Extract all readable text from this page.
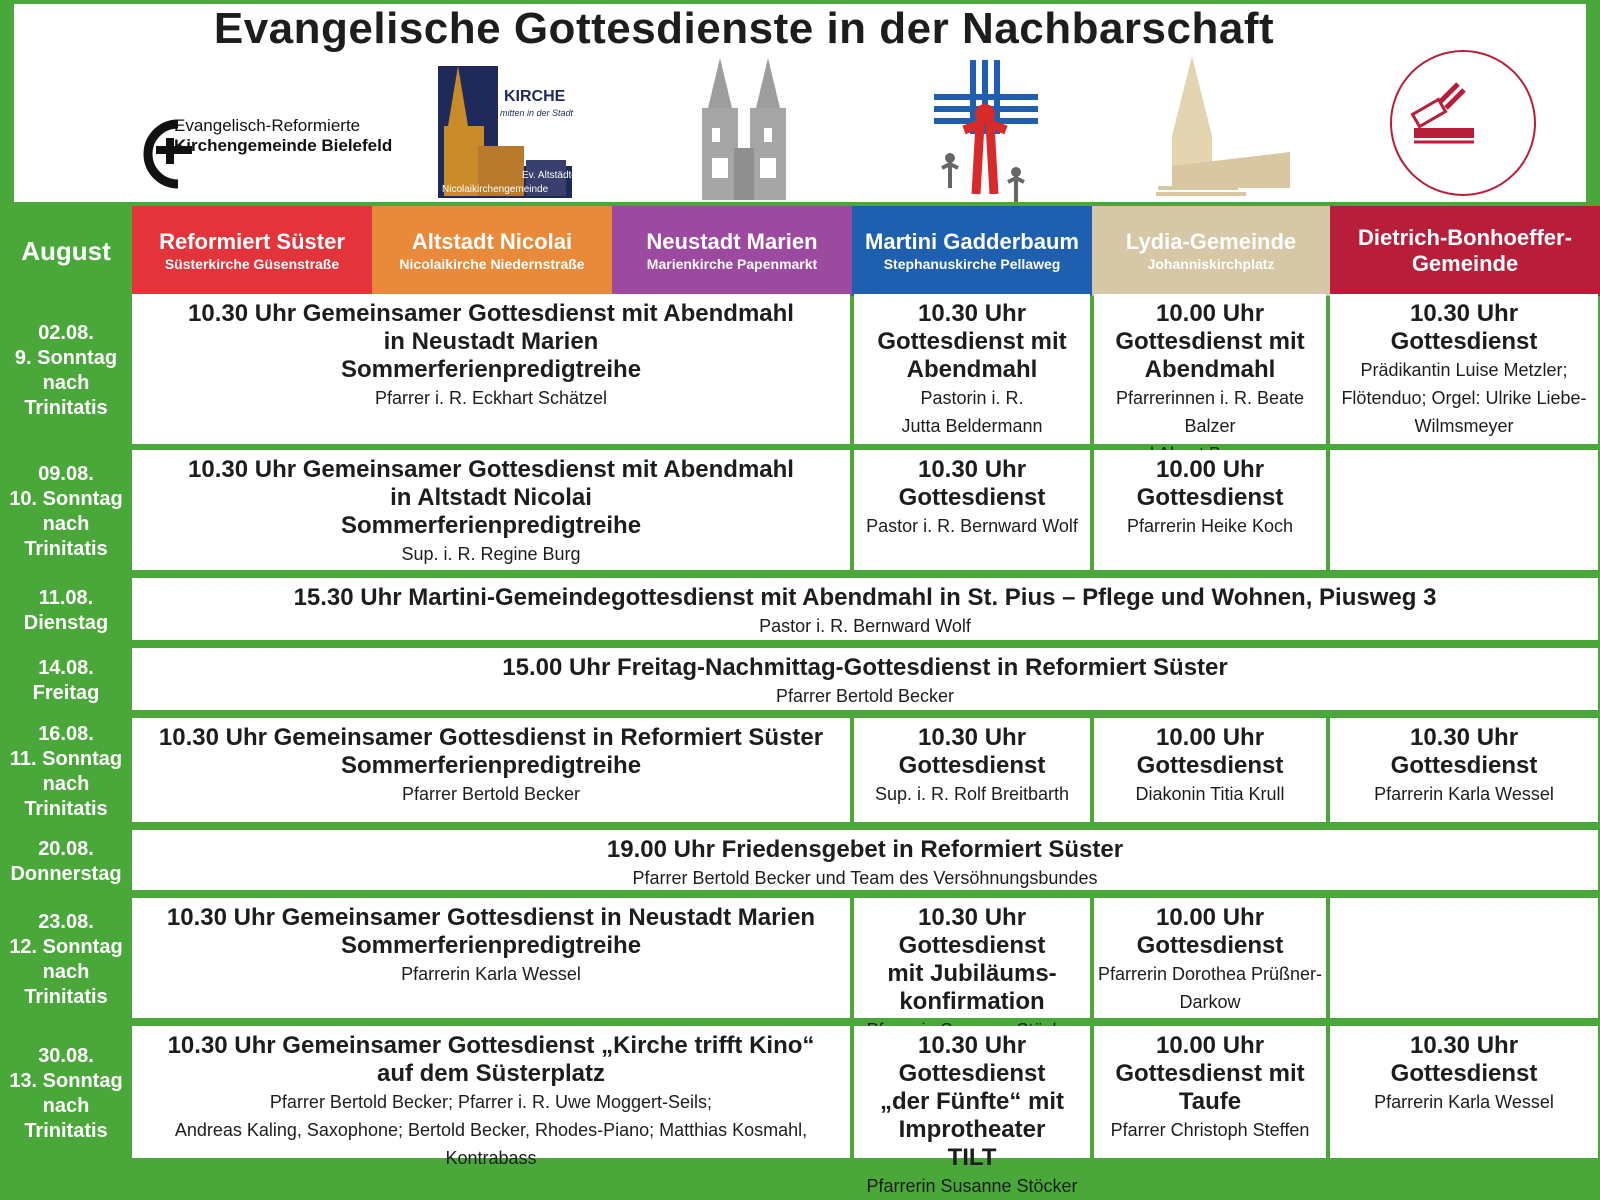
Evangelische Gottesdienste in der Nachbarschaft
Evangelisch-Reformierte
Kirchengemeinde Bielefeld
KIRCHE
mitten in der Stadt
Ev. Altstädter
Nicolaikirchengemeinde
August	Reformiert Süster
Süsterkirche Güsenstraße
Altstadt Nicolai
Nicolaikirche Niedernstraße
Neustadt Marien
Marienkirche Papenmarkt
Martini Gadderbaum
Stephanuskirche Pellaweg
Lydia-Gemeinde
Johanniskirchplatz
Dietrich-Bonhoeffer-
Gemeinde
02.08.
9. Sonntag
nach
Trinitatis
10.30 Uhr Gemeinsamer Gottesdienst mit Abendmahl
in Neustadt Marien
Sommerferienpredigtreihe
Pfarrer i. R. Eckhart Schätzel
10.30 Uhr
Gottesdienst mit
Abendmahl
Pastorin i. R.
Jutta Beldermann
10.00 Uhr
Gottesdienst mit
Abendmahl
Pfarrerinnen i. R. Beate Balzer
10.30 Uhr
Gottesdienst
Prädikantin Luise Metzler;
Flötenduo; Orgel: Ulrike Liebe-
Wilmsmeyer
09.08.
10. Sonntag
nach
Trinitatis
10.30 Uhr Gemeinsamer Gottesdienst mit Abendmahl
in Altstadt Nicolai
Sommerferienpredigtreihe
Sup. i. R. Regine Burg
10.30 Uhr
Gottesdienst
Pastor i. R. Bernward Wolf
10.00 Uhr
Gottesdienst
Pfarrerin Heike Koch
11.08.
Dienstag
15.30 Uhr Martini-Gemeindegottesdienst mit Abendmahl in St. Pius – Pflege und Wohnen, Piusweg 3
Pastor i. R. Bernward Wolf
14.08.
Freitag
15.00 Uhr Freitag-Nachmittag-Gottesdienst in Reformiert Süster
Pfarrer Bertold Becker
16.08.
11. Sonntag
nach
Trinitatis
10.30 Uhr Gemeinsamer Gottesdienst in Reformiert Süster
Sommerferienpredigtreihe
Pfarrer Bertold Becker
10.30 Uhr
Gottesdienst
Sup. i. R. Rolf Breitbarth
10.00 Uhr
Gottesdienst
Diakonin Titia Krull
10.30 Uhr
Gottesdienst
Pfarrerin Karla Wessel
20.08.
Donnerstag
19.00 Uhr Friedensgebet in Reformiert Süster
Pfarrer Bertold Becker und Team des Versöhnungsbundes
23.08.
12. Sonntag
nach
Trinitatis
10.30 Uhr Gemeinsamer Gottesdienst in Neustadt Marien
Sommerferienpredigtreihe
Pfarrerin Karla Wessel
10.30 Uhr Gottesdienst
mit Jubiläums-
konfirmation
10.00 Uhr
Gottesdienst
Pfarrerin Dorothea Prüßner-
Darkow
30.08.
13. Sonntag
nach
Trinitatis
10.30 Uhr Gemeinsamer Gottesdienst „Kirche trifft Kino“
auf dem Süsterplatz
Pfarrer Bertold Becker; Pfarrer i. R. Uwe Moggert-Seils;
Andreas Kaling, Saxophone; Bertold Becker, Rhodes-Piano; Matthias Kosmahl, Kontrabass
10.30 Uhr Gottesdienst
„der Fünfte“ mit
Improtheater
TILT
Pfarrerin Susanne Stöcker
10.00 Uhr
Gottesdienst mit Taufe
Pfarrer Christoph Steffen
10.30 Uhr
Gottesdienst
Pfarrerin Karla Wessel
